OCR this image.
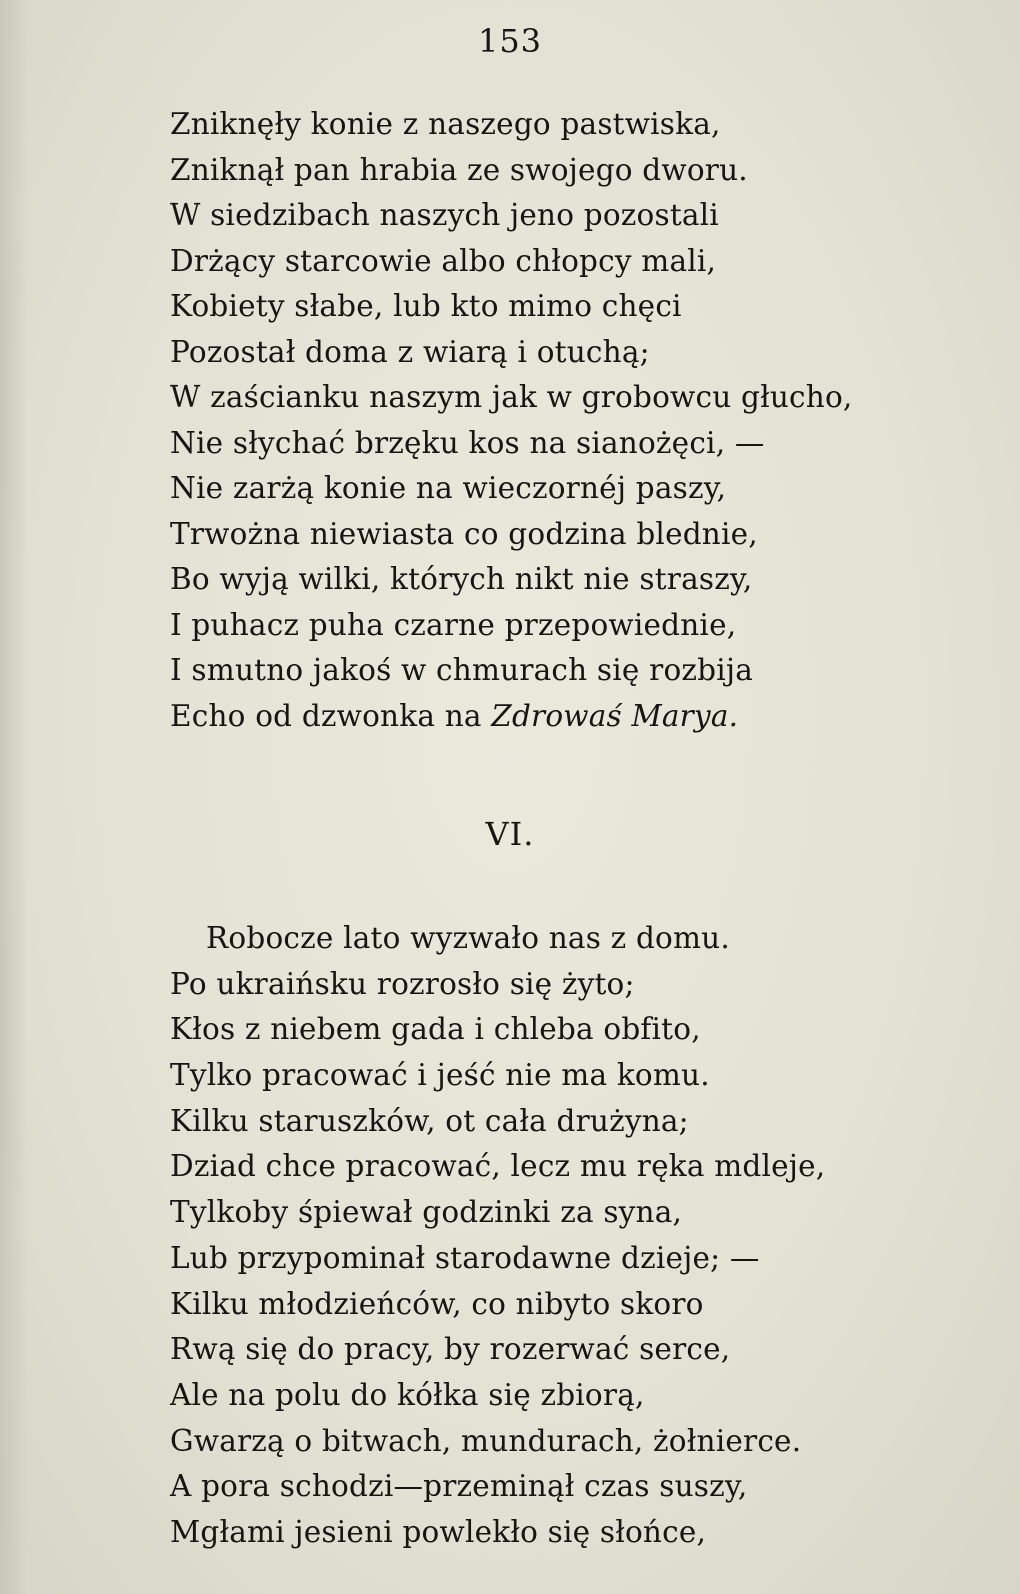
153
Zniknęły konie z naszego pastwiska,
Zniknął pan hrabia ze swojego dworu.
W siedzibach naszych jeno pozostali
Drżący starcowie albo chłopcy mali,
Kobiety słabe, lub kto mimo chęci
Pozostał doma z wiarą i otuchą;
W zaścianku naszym jak w grobowcu głucho,
Nie słychać brzęku kos na sianożęci, —
Nie zarżą konie na wieczornéj paszy,
Trwożna niewiasta co godzina blednie,
Bo wyją wilki, których nikt nie straszy,
I puhacz puha czarne przepowiednie,
I smutno jakoś w chmurach się rozbija
Echo od dzwonka na Zdrowaś Marya.
VI.
Robocze lato wyzwało nas z domu.
Po ukraińsku rozrosło się żyto;
Kłos z niebem gada i chleba obfito,
Tylko pracować i jeść nie ma komu.
Kilku staruszków, ot cała drużyna;
Dziad chce pracować, lecz mu ręka mdleje,
Tylkoby śpiewał godzinki za syna,
Lub przypominał starodawne dzieje; —
Kilku młodzieńców, co nibyto skoro
Rwą się do pracy, by rozerwać serce,
Ale na polu do kółka się zbiorą,
Gwarzą o bitwach, mundurach, żołnierce.
A pora schodzi—przeminął czas suszy,
Mgłami jesieni powlekło się słońce,
